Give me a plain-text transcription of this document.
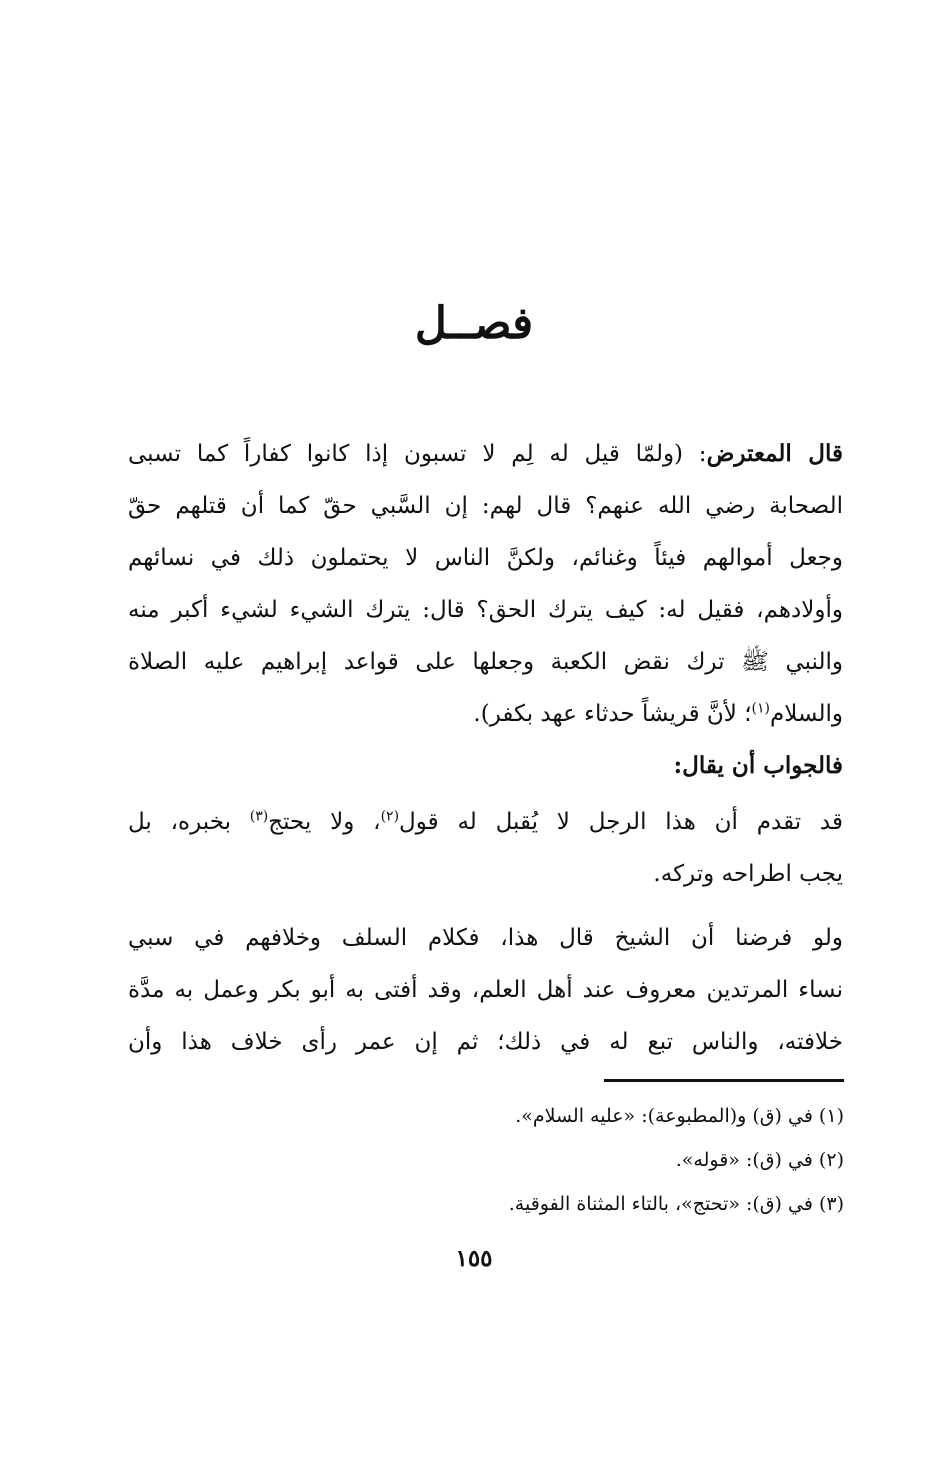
فصــل
قال المعترض: (ولمّا قيل له لِم لا تسبون إذا كانوا كفاراً كما تسبى
الصحابة رضي الله عنهم؟ قال لهم: إن السَّبي حقّ كما أن قتلهم حقّ
وجعل أموالهم فيئاً وغنائم، ولكنَّ الناس لا يحتملون ذلك في نسائهم
وأولادهم، فقيل له: كيف يترك الحق؟ قال: يترك الشيء لشيء أكبر منه
والنبي ﷺ ترك نقض الكعبة وجعلها على قواعد إبراهيم عليه الصلاة
والسلام$^{(١)}$؛ لأنَّ قريشاً حدثاء عهد بكفر).
فالجواب أن يقال:
قد تقدم أن هذا الرجل لا يُقبل له قول$^{(٢)}$، ولا يحتج$^{(٣)}$ بخبره، بل
يجب اطراحه وتركه.
ولو فرضنا أن الشيخ قال هذا، فكلام السلف وخلافهم في سبي
نساء المرتدين معروف عند أهل العلم، وقد أفتى به أبو بكر وعمل به مدَّة
خلافته، والناس تبع له في ذلك؛ ثم إن عمر رأى خلاف هذا وأن
(١) في (ق) و(المطبوعة): «عليه السلام».
(٢) في (ق): «قوله».
(٣) في (ق): «تحتج»، بالتاء المثناة الفوقية.
١٥٥
